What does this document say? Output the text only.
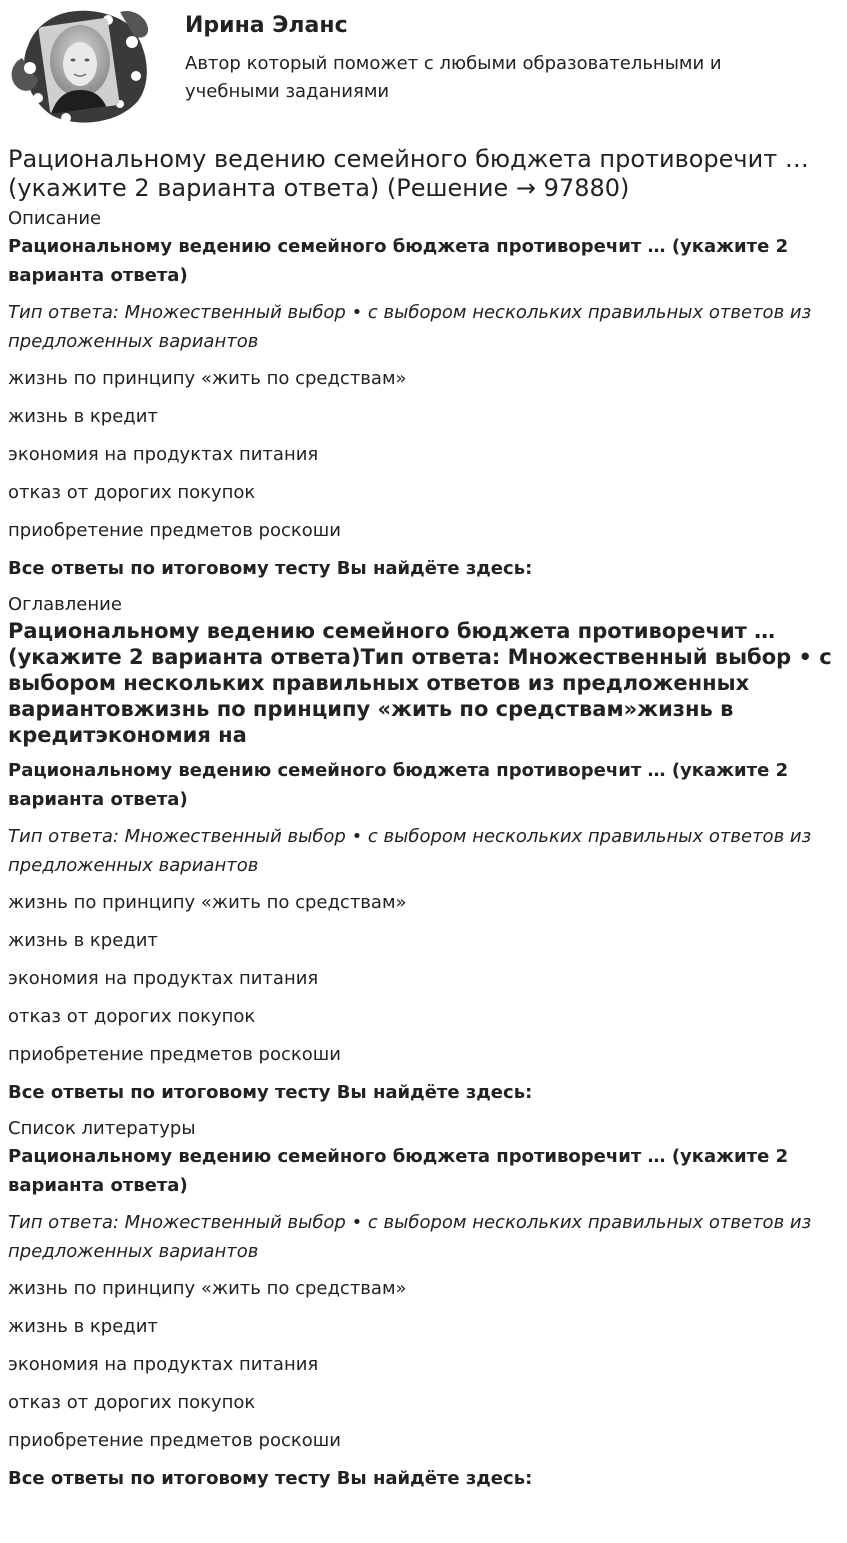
Ирина Эланс
Автор который поможет с любыми образовательными и учебными заданиями
Рациональному ведению семейного бюджета противоречит … (укажите 2 варианта ответа) (Решение → 97880)
Описание

Рациональному ведению семейного бюджета противоречит … (укажите 2 варианта ответа)

Тип ответа: Множественный выбор • с выбором нескольких правильных ответов из предложенных вариантов

жизнь по принципу «жить по средствам»

жизнь в кредит

экономия на продуктах питания

отказ от дорогих покупок

приобретение предметов роскоши

Все ответы по итоговому тесту Вы найдёте здесь:

Оглавление
Рациональному ведению семейного бюджета противоречит … (укажите 2 варианта ответа)Тип ответа: Множественный выбор • с выбором нескольких правильных ответов из предложенных вариантовжизнь по принципу «жить по средствам»жизнь в кредитэкономия на

Рациональному ведению семейного бюджета противоречит … (укажите 2 варианта ответа)

Тип ответа: Множественный выбор • с выбором нескольких правильных ответов из предложенных вариантов

жизнь по принципу «жить по средствам»

жизнь в кредит

экономия на продуктах питания

отказ от дорогих покупок

приобретение предметов роскоши

Все ответы по итоговому тесту Вы найдёте здесь:

Список литературы

Рациональному ведению семейного бюджета противоречит … (укажите 2 варианта ответа)

Тип ответа: Множественный выбор • с выбором нескольких правильных ответов из предложенных вариантов

жизнь по принципу «жить по средствам»

жизнь в кредит

экономия на продуктах питания

отказ от дорогих покупок

приобретение предметов роскоши

Все ответы по итоговому тесту Вы найдёте здесь:
